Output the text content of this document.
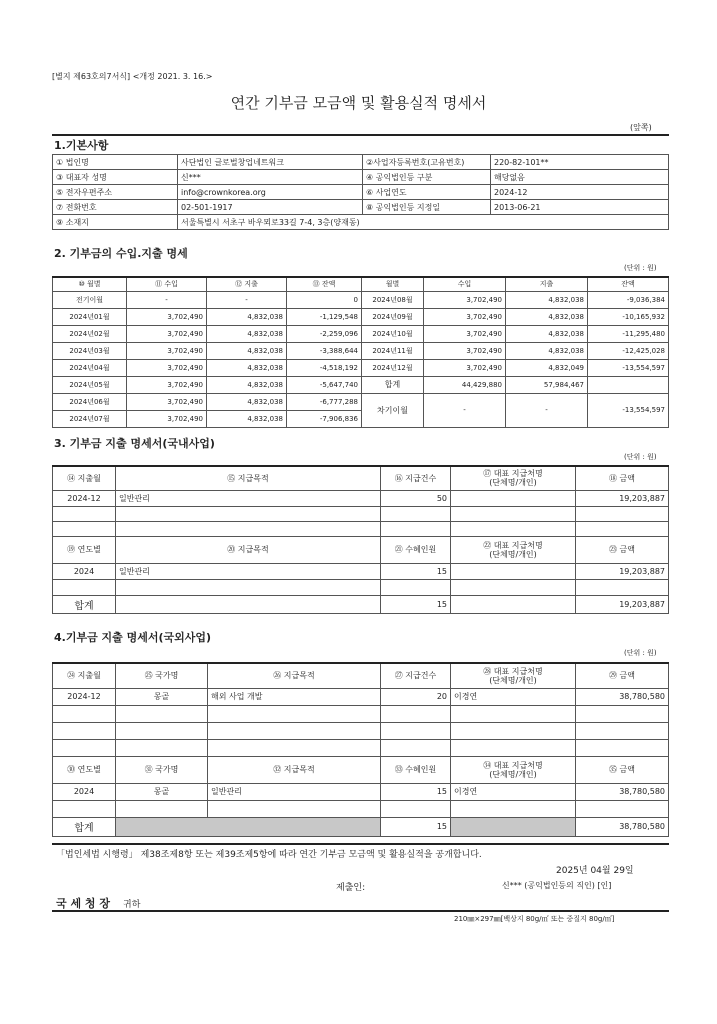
[별지 제63호의7서식] <개정 2021. 3. 16.>
연간 기부금 모금액 및 활용실적 명세서
(앞쪽)
1.기본사항
① 법인명	사단법인 글로벌창업네트워크	②사업자등록번호(고유번호)	220-82-101**
③ 대표자 성명	신***	④ 공익법인등 구분	해당없음
⑤ 전자우편주소	info@crownkorea.org	⑥ 사업연도	2024-12
⑦ 전화번호	02-501-1917	⑧ 공익법인등 지정일	2013-06-21
⑨ 소재지	서울특별시 서초구 바우뫼로33길 7-4, 3층(양재동)		
2. 기부금의 수입.지출 명세
(단위 : 원)
⑩ 월별	⑪ 수입	⑫ 지출	⑬ 잔액	월별	수입	지출	잔액
전기이월	-	-	0	2024년08월	3,702,490	4,832,038	-9,036,384
2024년01월	3,702,490	4,832,038	-1,129,548	2024년09월	3,702,490	4,832,038	-10,165,932
2024년02월	3,702,490	4,832,038	-2,259,096	2024년10월	3,702,490	4,832,038	-11,295,480
2024년03월	3,702,490	4,832,038	-3,388,644	2024년11월	3,702,490	4,832,038	-12,425,028
2024년04월	3,702,490	4,832,038	-4,518,192	2024년12월	3,702,490	4,832,049	-13,554,597
2024년05월	3,702,490	4,832,038	-5,647,740	합계	44,429,880	57,984,467	
2024년06월	3,702,490	4,832,038	-6,777,288	차기이월	-	-	-13,554,597
2024년07월	3,702,490	4,832,038	-7,906,836				
3. 기부금 지출 명세서(국내사업)
(단위 : 원)
⑭ 지출월	⑮ 지급목적	⑯ 지급건수	⑰ 대표 지급처명
(단체명/개인)	⑱ 금액
2024-12	일반관리	50		19,203,887

⑲ 연도별	⑳ 지급목적	㉑ 수혜인원	㉒ 대표 지급처명
(단체명/개인)	㉓ 금액
2024	일반관리	15		19,203,887

합계		15		19,203,887
4.기부금 지출 명세서(국외사업)
(단위 : 원)
㉔ 지출월	㉕ 국가명	㉖ 지급목적	㉗ 지급건수	㉘ 대표 지급처명
(단체명/개인)	㉙ 금액
2024-12	몽골	해외 사업 개발	20	이경연	38,780,580

㉚ 연도별	㉛ 국가명	㉜ 지급목적	㉝ 수혜인원	㉞ 대표 지급처명
(단체명/개인)	㉟ 금액
2024	몽골	일반관리	15	이경연	38,780,580

합계			15		38,780,580
「법인세법 시행령」 제38조제8항 또는 제39조제5항에 따라 연간 기부금 모금액 및 활용실적을 공개합니다.
2025년 04월 29일
제출인:	신*** (공익법인등의 직인) [인]
국 세 청 장 귀하
210㎜×297㎜[백상지 80g/㎡ 또는 중질지 80g/㎡]
